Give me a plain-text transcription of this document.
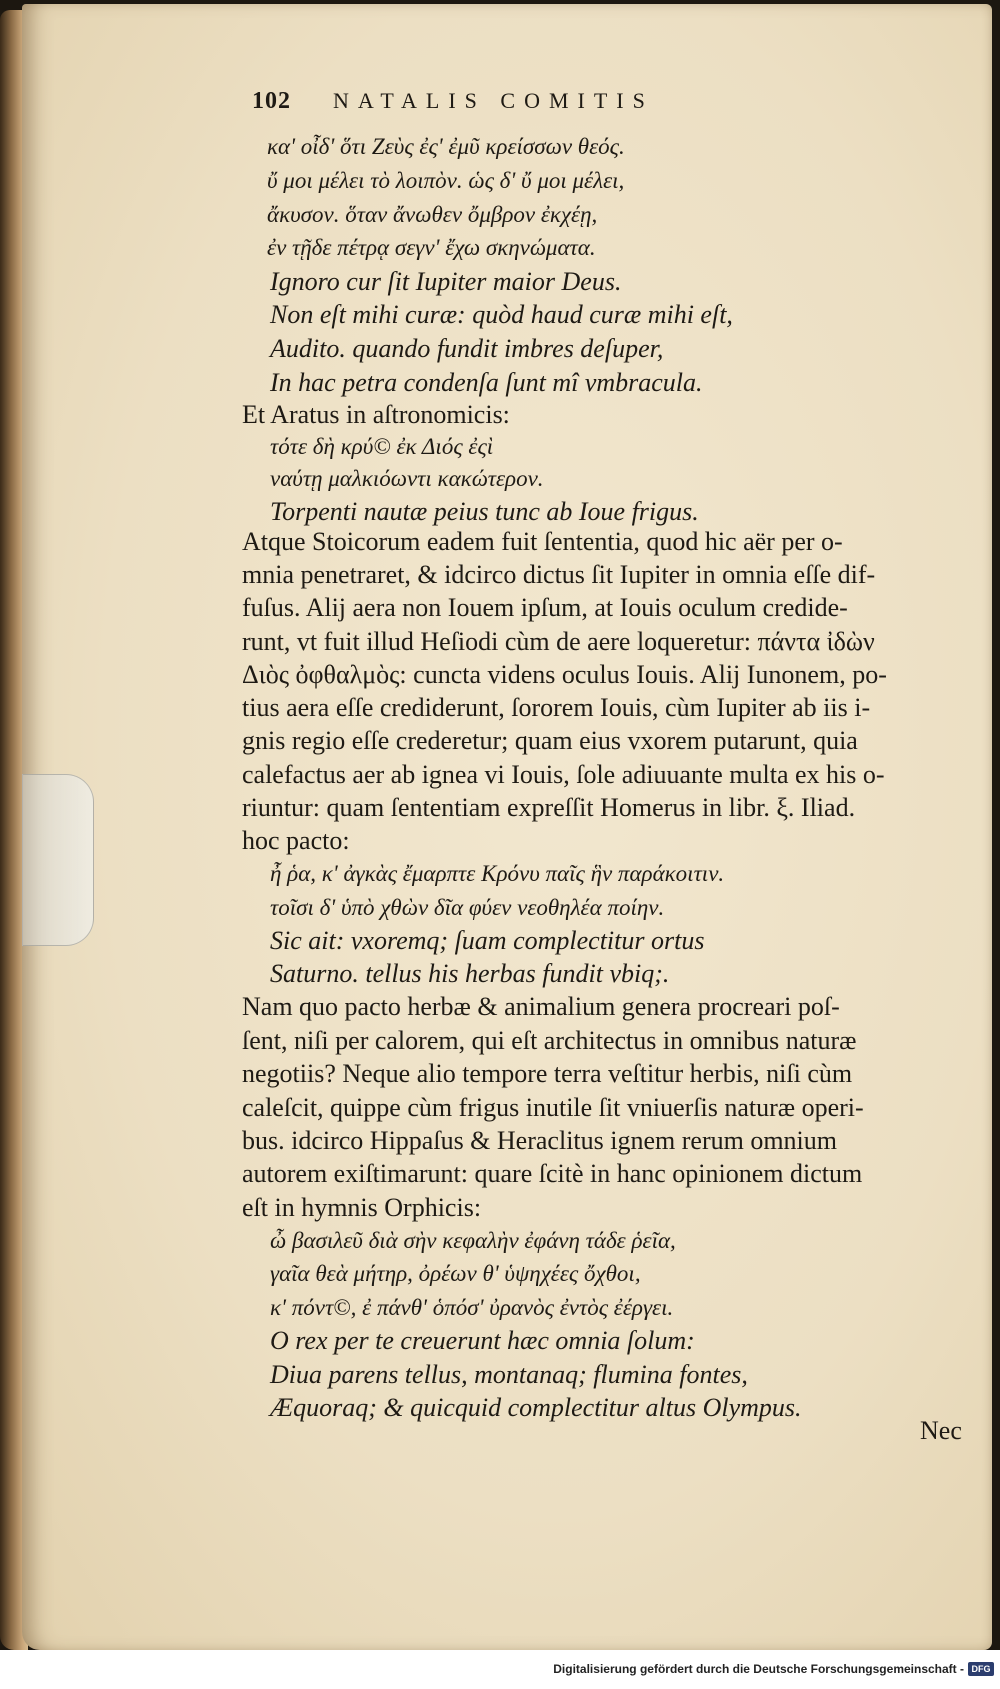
102 NATALIS COMITIS
κα' οἶδ' ὅτι Ζεὺς ἐς' ἐμῦ κρείσσων θεός.
ὔ μοι μέλει τὸ λοιπὸν. ὡς δ' ὔ μοι μέλει,
ἄκυσον. ὅταν ἄνωθεν ὄμβρον ἐκχέῃ,
ἐν τῇδε πέτρᾳ σεγν' ἔχω σκηνώματα.
Ignoro cur ſit Iupiter maior Deus.
Non eſt mihi curæ: quòd haud curæ mihi eſt,
Audito. quando fundit imbres deſuper,
In hac petra condenſa ſunt mî vmbracula.
Et Aratus in aſtronomicis:
τότε δὴ κρύ© ἐκ Διός ἐςὶ
ναύτῃ μαλκιόωντι κακώτερον.
Torpenti nautæ peius tunc ab Ioue frigus.
Atque Stoicorum eadem fuit ſententia, quod hic aër per o-
mnia penetraret, & idcirco dictus ſit Iupiter in omnia eſſe dif-
fuſus. Alij aera non Iouem ipſum, at Iouis oculum credide-
runt, vt fuit illud Heſiodi cùm de aere loqueretur: πάντα ἰδὼν
Διὸς ὀφθαλμὸς: cuncta videns oculus Iouis. Alij Iunonem, po-
tius aera eſſe crediderunt, ſororem Iouis, cùm Iupiter ab iis i-
gnis regio eſſe crederetur; quam eius vxorem putarunt, quia
calefactus aer ab ignea vi Iouis, ſole adiuuante multa ex his o-
riuntur: quam ſententiam expreſſit Homerus in libr. ξ. Iliad.
hoc pacto:
ἦ ῥα, κ' ἀγκὰς ἔμαρπτε Κρόνυ παῖς ἣν παράκοιτιν.
τοῖσι δ' ὑπὸ χθὼν δῖα φύεν νεοθηλέα ποίην.
Sic ait: vxoremq; ſuam complectitur ortus
Saturno. tellus his herbas fundit vbiq;.
Nam quo pacto herbæ & animalium genera procreari poſ-
ſent, niſi per calorem, qui eſt architectus in omnibus naturæ
negotiis? Neque alio tempore terra veſtitur herbis, niſi cùm
caleſcit, quippe cùm frigus inutile ſit vniuerſis naturæ operi-
bus. idcirco Hippaſus & Heraclitus ignem rerum omnium
autorem exiſtimarunt: quare ſcitè in hanc opinionem dictum
eſt in hymnis Orphicis:
ὦ βασιλεῦ διὰ σὴν κεφαλὴν ἐφάνη τάδε ῥεῖα,
γαῖα θεὰ μήτηρ, ὀρέων θ' ὑψηχέες ὄχθοι,
κ' πόντ©, ἐ πάνθ' ὁπόσ' ὐρανὸς ἐντὸς ἐέργει.
O rex per te creuerunt hæc omnia ſolum:
Diua parens tellus, montanaq; flumina fontes,
Æquoraq; & quicquid complectitur altus Olympus.
Nec
Digitalisierung gefördert durch die Deutsche Forschungsgemeinschaft - DFG
